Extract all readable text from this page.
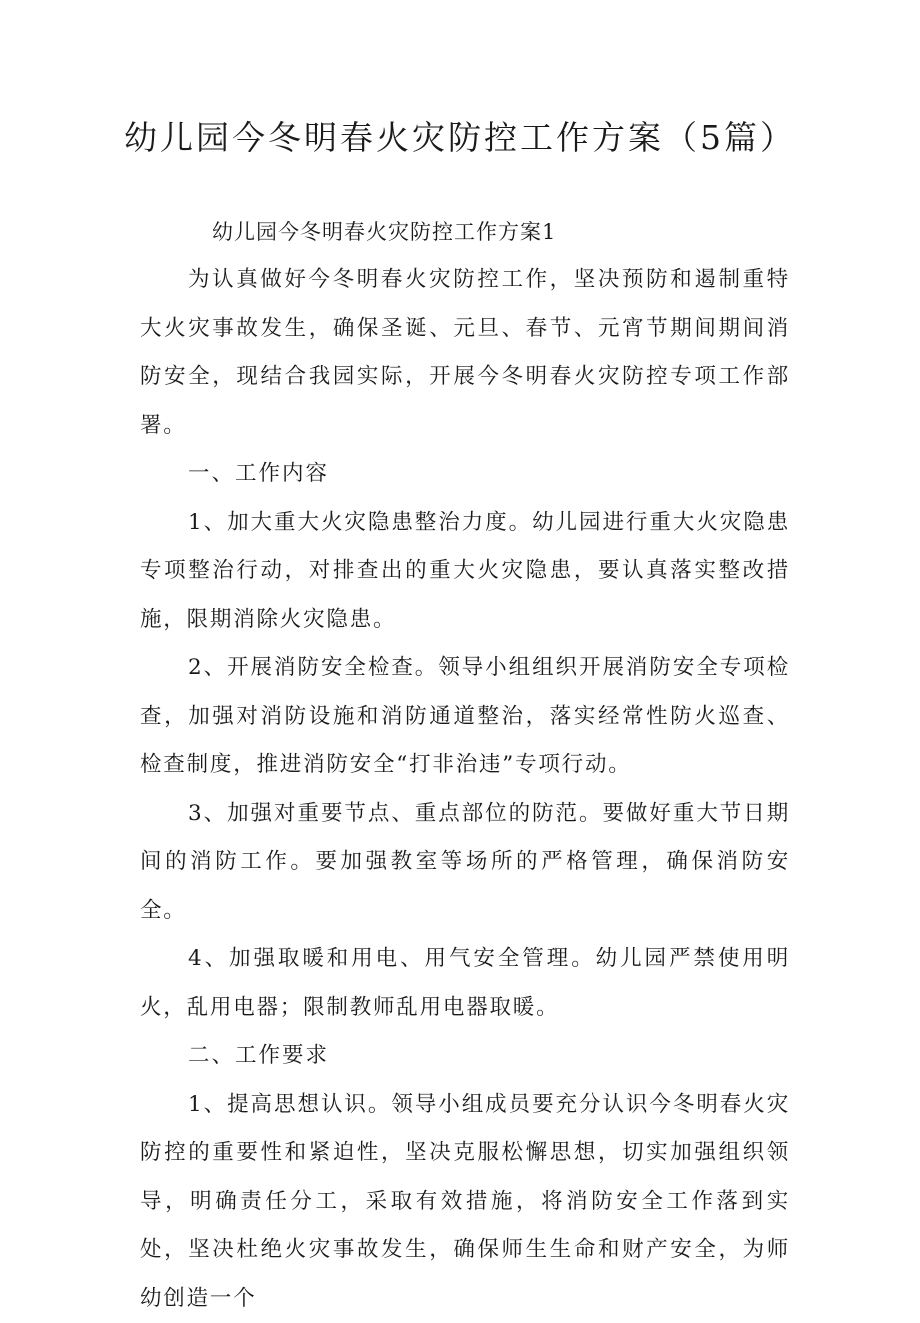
幼儿园今冬明春火灾防控工作方案（5篇）
幼儿园今冬明春火灾防控工作方案1

为认真做好今冬明春火灾防控工作，坚决预防和遏制重特大火灾事故发生，确保圣诞、元旦、春节、元宵节期间期间消防安全，现结合我园实际，开展今冬明春火灾防控专项工作部署。

一、工作内容

1、加大重大火灾隐患整治力度。幼儿园进行重大火灾隐患专项整治行动，对排查出的重大火灾隐患，要认真落实整改措施，限期消除火灾隐患。

2、开展消防安全检查。领导小组组织开展消防安全专项检查，加强对消防设施和消防通道整治，落实经常性防火巡查、检查制度，推进消防安全“打非治违”专项行动。

3、加强对重要节点、重点部位的防范。要做好重大节日期间的消防工作。要加强教室等场所的严格管理，确保消防安全。

4、加强取暖和用电、用气安全管理。幼儿园严禁使用明火，乱用电器；限制教师乱用电器取暖。

二、工作要求

1、提高思想认识。领导小组成员要充分认识今冬明春火灾防控的重要性和紧迫性，坚决克服松懈思想，切实加强组织领导，明确责任分工，采取有效措施，将消防安全工作落到实处，坚决杜绝火灾事故发生，确保师生生命和财产安全，为师幼创造一个
